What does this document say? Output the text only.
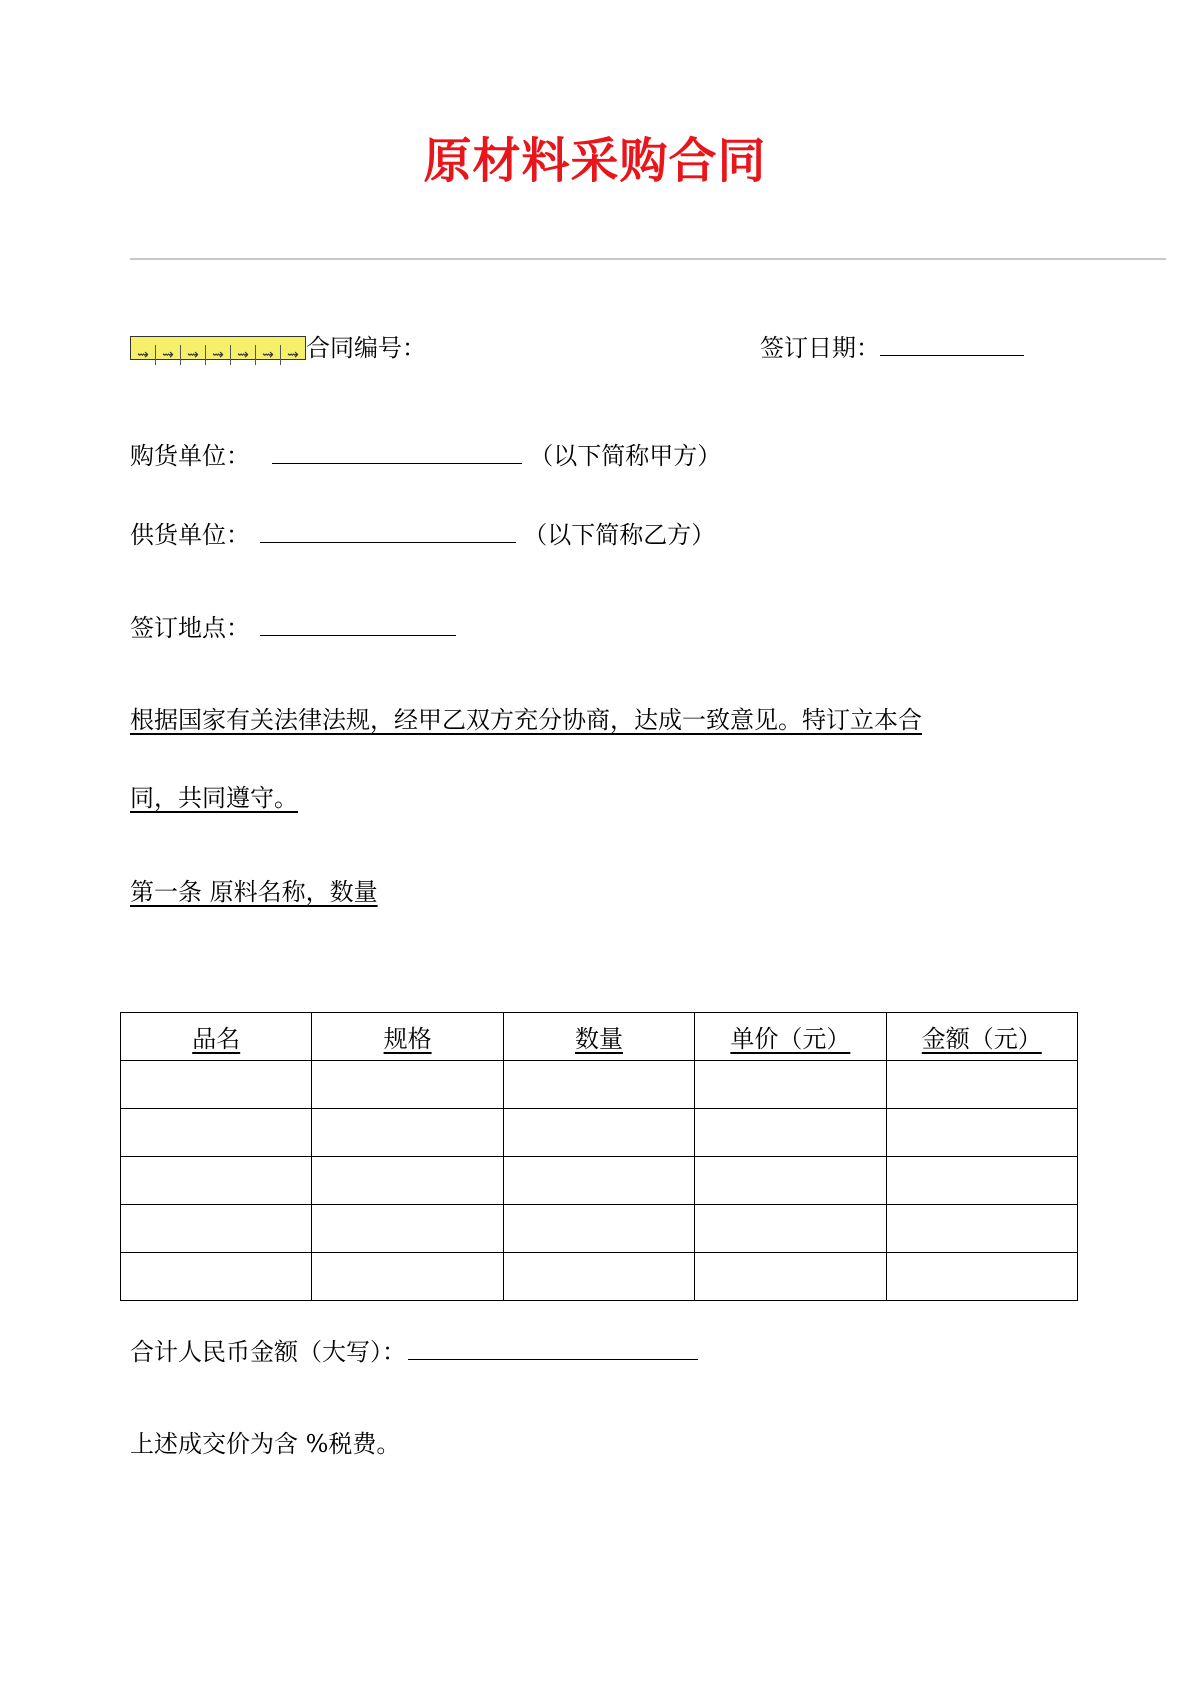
原材料采购合同
⇝ ⇝ ⇝ ⇝ ⇝ ⇝ ⇝ 合同编号：	签订日期：
购货单位：	（以下简称甲方）
供货单位：	（以下简称乙方）
签订地点：
根据国家有关法律法规，经甲乙双方充分协商，达成一致意见。特订立本合
同，共同遵守。
第一条 原料名称，数量
品名	规格	数量	单价（元）	金额（元）

合计人民币金额（大写）：
上述成交价为含 %税费。
